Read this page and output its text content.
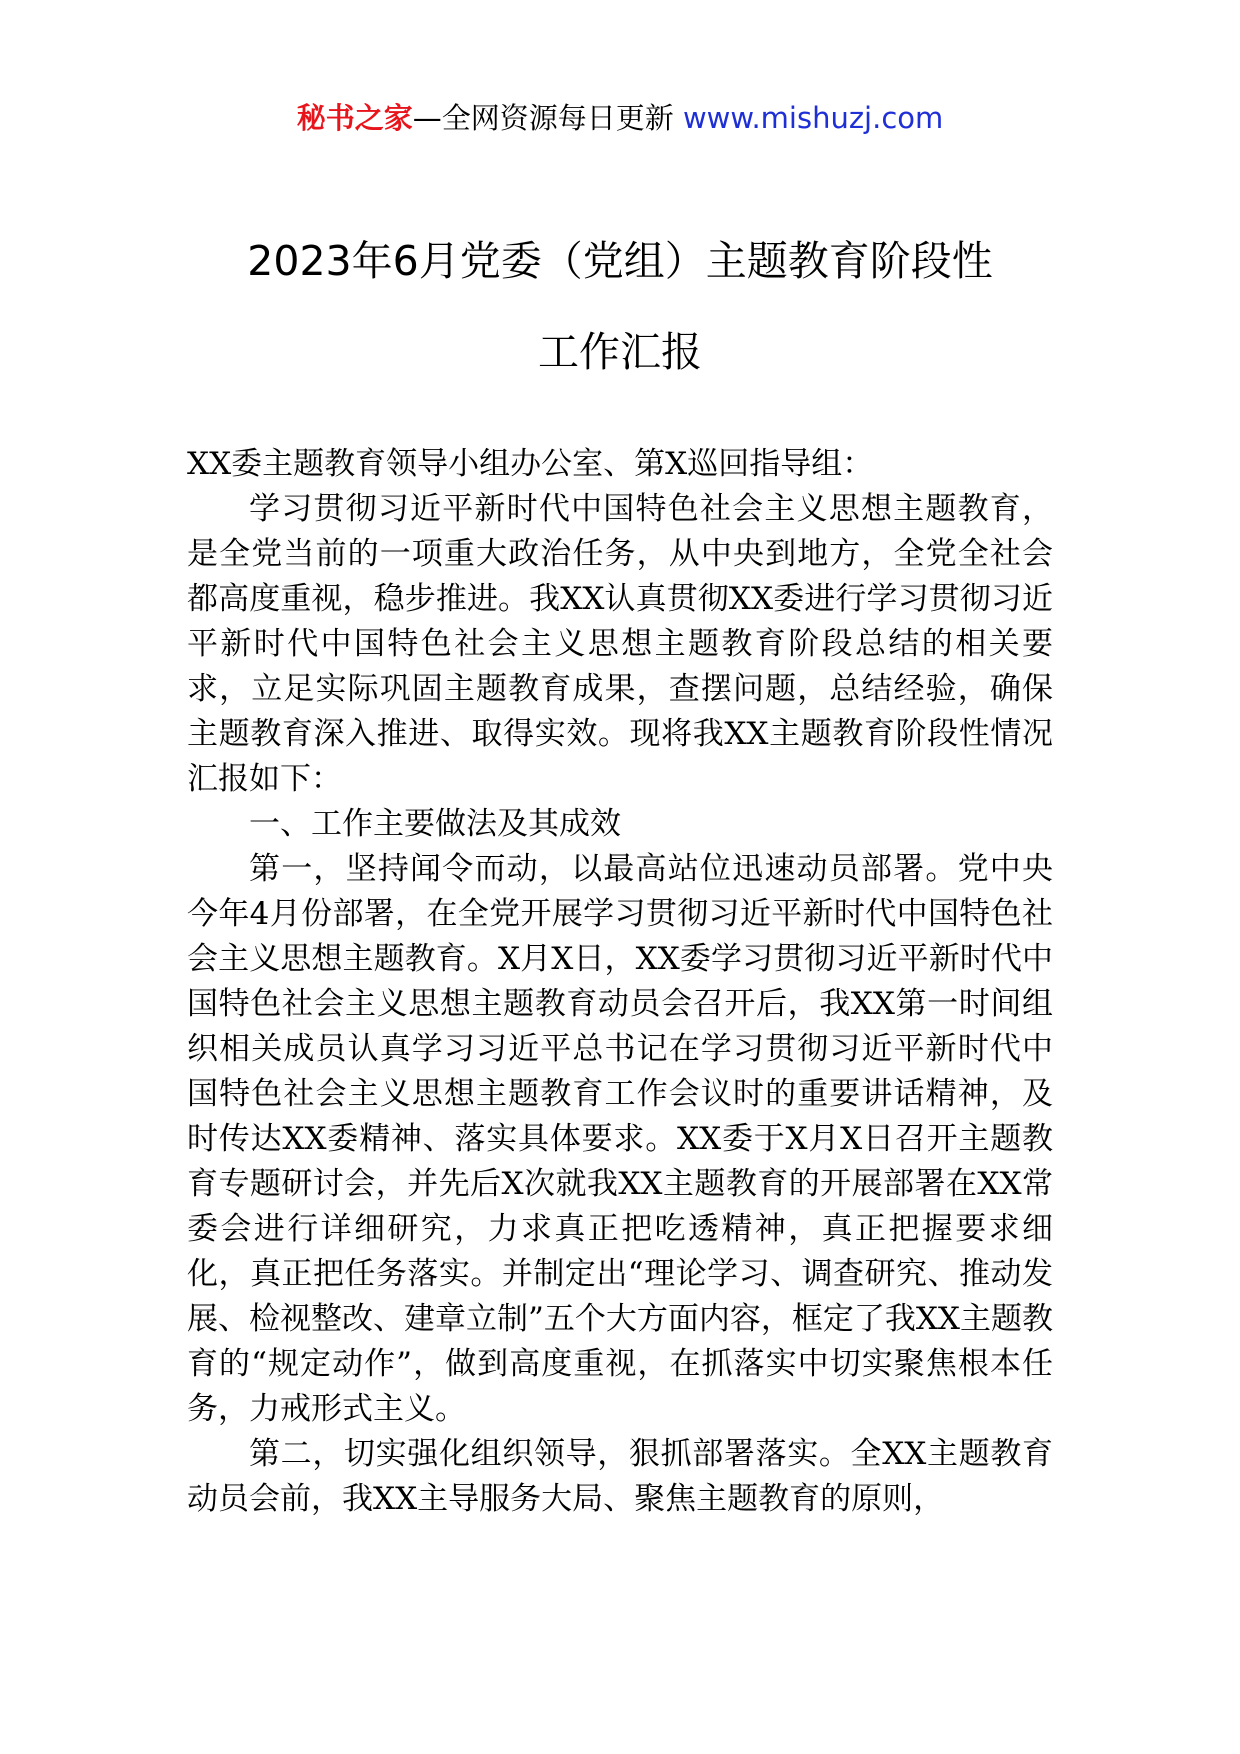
秘书之家—全网资源每日更新 www.mishuzj.com
2023年6月党委（党组）主题教育阶段性
工作汇报

XX委主题教育领导小组办公室、第X巡回指导组：

学习贯彻习近平新时代中国特色社会主义思想主题教育，是全党当前的一项重大政治任务，从中央到地方，全党全社会都高度重视，稳步推进。我XX认真贯彻XX委进行学习贯彻习近平新时代中国特色社会主义思想主题教育阶段总结的相关要求，立足实际巩固主题教育成果，查摆问题，总结经验，确保主题教育深入推进、取得实效。现将我XX主题教育阶段性情况汇报如下：

一、工作主要做法及其成效

第一，坚持闻令而动，以最高站位迅速动员部署。党中央今年4月份部署，在全党开展学习贯彻习近平新时代中国特色社会主义思想主题教育。X月X日，XX委学习贯彻习近平新时代中国特色社会主义思想主题教育动员会召开后，我XX第一时间组织相关成员认真学习习近平总书记在学习贯彻习近平新时代中国特色社会主义思想主题教育工作会议时的重要讲话精神，及时传达XX委精神、落实具体要求。XX委于X月X日召开主题教育专题研讨会，并先后X次就我XX主题教育的开展部署在XX常委会进行详细研究，力求真正把吃透精神，真正把握要求细化，真正把任务落实。并制定出“理论学习、调查研究、推动发展、检视整改、建章立制”五个大方面内容，框定了我XX主题教育的“规定动作”，做到高度重视，在抓落实中切实聚焦根本任务，力戒形式主义。

第二，切实强化组织领导，狠抓部署落实。全XX主题教育动员会前，我XX主导服务大局、聚焦主题教育的原则，
